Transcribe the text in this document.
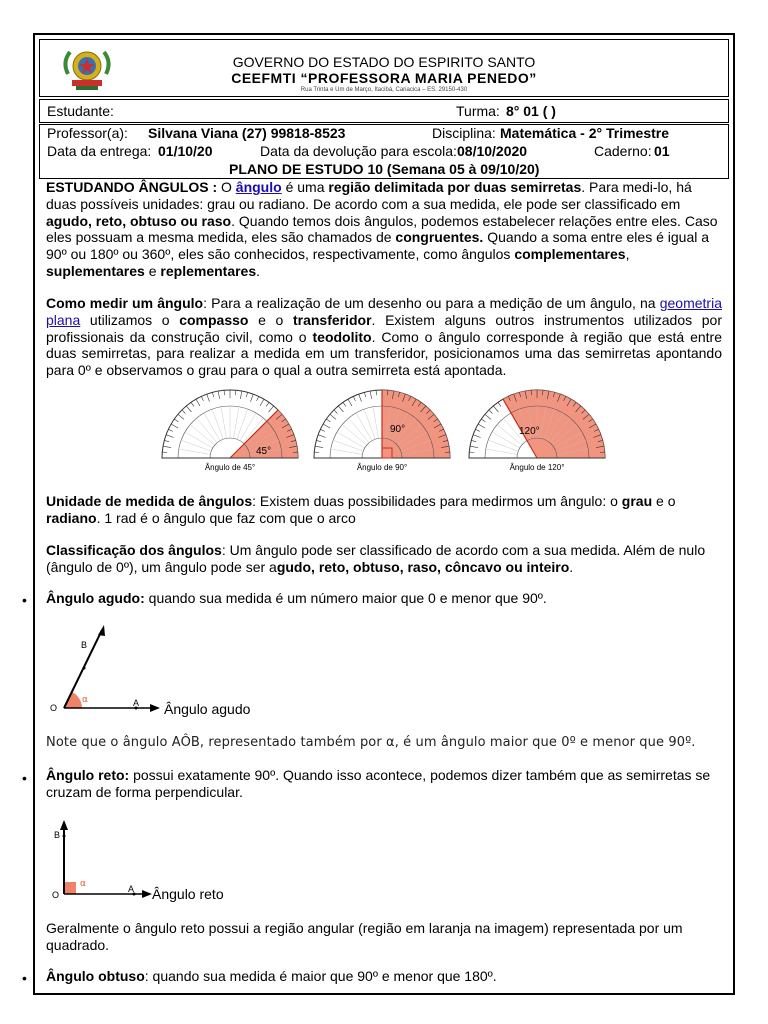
GOVERNO DO ESTADO DO ESPIRITO SANTO
CEEFMTI “PROFESSORA MARIA PENEDO”
Rua Trinta e Um de Março, Itacibá, Cariacica – ES. 29150-430
Estudante:	Turma: 8° 01 ( )
Professor(a): Silvana Viana (27) 99818-8523	Disciplina: Matemática - 2° Trimestre
Data da entrega: 01/10/20	Data da devolução para escola: 08/10/2020	Caderno: 01
PLANO DE ESTUDO 10 (Semana 05 à 09/10/20)
ESTUDANDO ÂNGULOS : O ângulo é uma região delimitada por duas semirretas. Para medi-lo, há duas possíveis unidades: grau ou radiano. De acordo com a sua medida, ele pode ser classificado em agudo, reto, obtuso ou raso. Quando temos dois ângulos, podemos estabelecer relações entre eles. Caso eles possuam a mesma medida, eles são chamados de congruentes. Quando a soma entre eles é igual a 90º ou 180º ou 360º, eles são conhecidos, respectivamente, como ângulos complementares, suplementares e replementares.
Como medir um ângulo: Para a realização de um desenho ou para a medição de um ângulo, na geometria plana utilizamos o compasso e o transferidor. Existem alguns outros instrumentos utilizados por profissionais da construção civil, como o teodolito. Como o ângulo corresponde à região que está entre duas semirretas, para realizar a medida em um transferidor, posicionamos uma das semirretas apontando para 0º e observamos o grau para o qual a outra semirreta está apontada.
45°
Ângulo de 45°
90°
Ângulo de 90°
120°
Ângulo de 120°
Unidade de medida de ângulos: Existem duas possibilidades para medirmos um ângulo: o grau e o radiano. 1 rad é o ângulo que faz com que o arco
Classificação dos ângulos: Um ângulo pode ser classificado de acordo com a sua medida. Além de nulo (ângulo de 0º), um ângulo pode ser agudo, reto, obtuso, raso, côncavo ou inteiro.
• Ângulo agudo: quando sua medida é um número maior que 0 e menor que 90º.
O	A
B
α
Ângulo agudo
Note que o ângulo AÔB, representado também por α, é um ângulo maior que 0º e menor que 90º.
• Ângulo reto: possui exatamente 90º. Quando isso acontece, podemos dizer também que as semirretas se cruzam de forma perpendicular.
O
A
B
α
Ângulo reto
Geralmente o ângulo reto possui a região angular (região em laranja na imagem) representada por um quadrado.
• Ângulo obtuso: quando sua medida é maior que 90º e menor que 180º.
